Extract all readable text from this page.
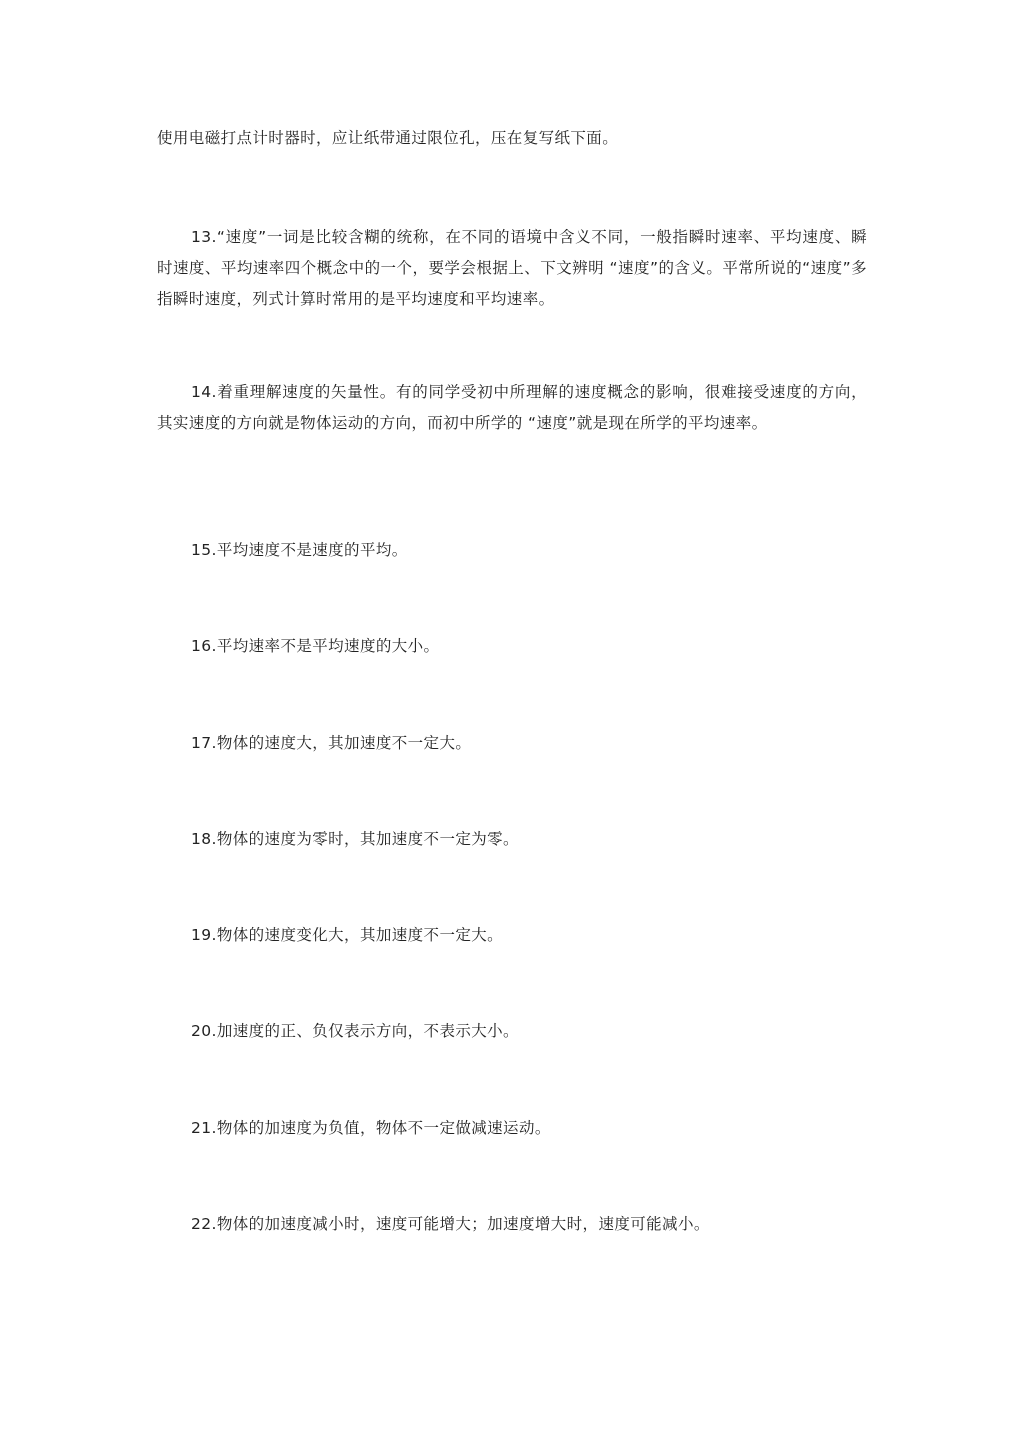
使用电磁打点计时器时，应让纸带通过限位孔，压在复写纸下面。

13.“速度”一词是比较含糊的统称，在不同的语境中含义不同，一般指瞬时速率、平均速度、瞬时速度、平均速率四个概念中的一个，要学会根据上、下文辨明 “速度”的含义。平常所说的“速度”多指瞬时速度，列式计算时常用的是平均速度和平均速率。

14.着重理解速度的矢量性。有的同学受初中所理解的速度概念的影响，很难接受速度的方向，其实速度的方向就是物体运动的方向，而初中所学的 “速度”就是现在所学的平均速率。

15.平均速度不是速度的平均。

16.平均速率不是平均速度的大小。

17.物体的速度大，其加速度不一定大。

18.物体的速度为零时，其加速度不一定为零。

19.物体的速度变化大，其加速度不一定大。

20.加速度的正、负仅表示方向，不表示大小。

21.物体的加速度为负值，物体不一定做减速运动。

22.物体的加速度减小时，速度可能增大；加速度增大时，速度可能减小。
